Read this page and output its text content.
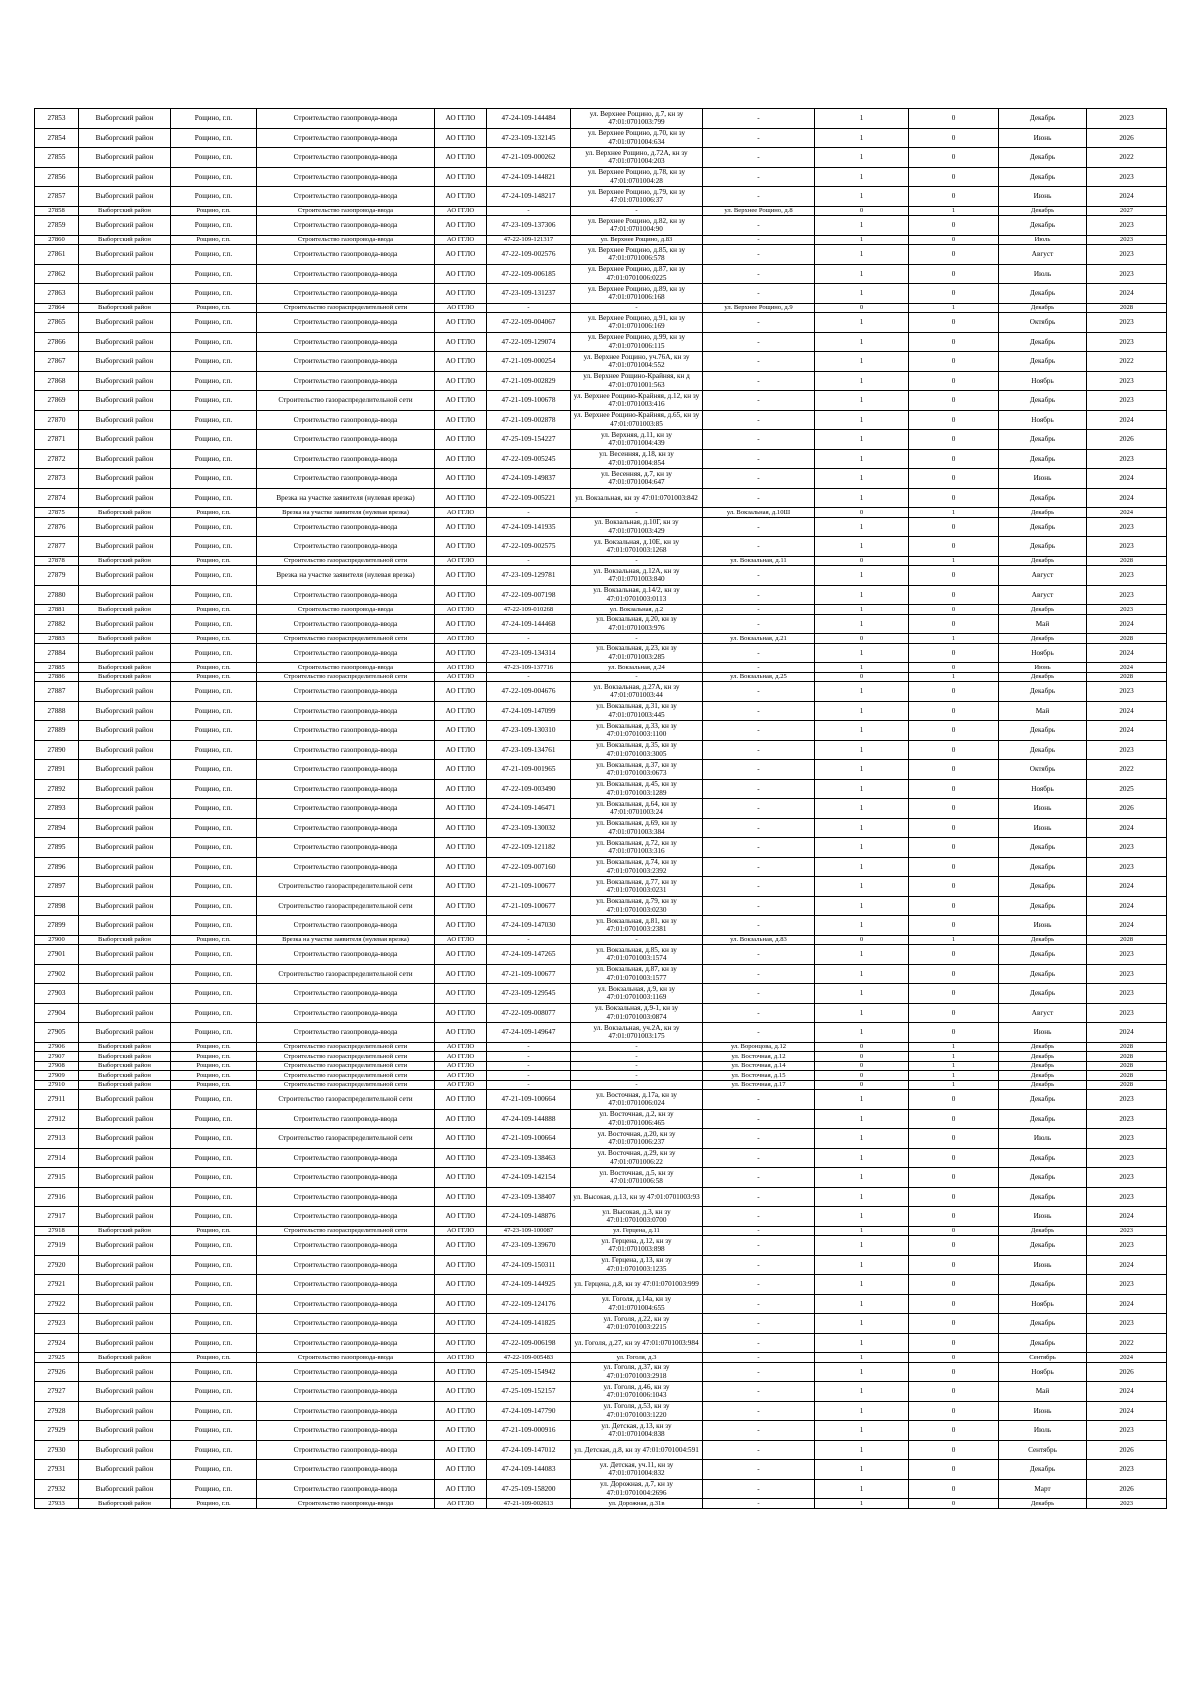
27853	Выборгский район	Рощино, г.п.	Строительство газопровода-ввода	АО ГГЛО	47-24-109-144484	ул. Верхнее Рощино, д.7, кн зу 47:01:0701003:799	-	1	0	Декабрь	2023
27854	Выборгский район	Рощино, г.п.	Строительство газопровода-ввода	АО ГГЛО	47-23-109-132145	ул. Верхнее Рощино, д.70, кн зу 47:01:0701004:634	-	1	0	Июнь	2026
27855	Выборгский район	Рощино, г.п.	Строительство газопровода-ввода	АО ГГЛО	47-21-109-000262	ул. Верхнее Рощино, д.72А, кн зу 47:01:0701004:203	-	1	0	Декабрь	2022
27856	Выборгский район	Рощино, г.п.	Строительство газопровода-ввода	АО ГГЛО	47-24-109-144821	ул. Верхнее Рощино, д.78, кн зу 47:01:0701004:28	-	1	0	Декабрь	2023
27857	Выборгский район	Рощино, г.п.	Строительство газопровода-ввода	АО ГГЛО	47-24-109-148217	ул. Верхнее Рощино, д.79, кн зу 47:01:0701006:37	-	1	0	Июнь	2024
27858	Выборгский район	Рощино, г.п.	Строительство газопровода-ввода	АО ГГЛО	-	-	ул. Верхнее Рощино, д.8	0	1	Декабрь	2027
27859	Выборгский район	Рощино, г.п.	Строительство газопровода-ввода	АО ГГЛО	47-23-109-137306	ул. Верхнее Рощино, д.82, кн зу 47:01:0701004:90	-	1	0	Декабрь	2023
27860	Выборгский район	Рощино, г.п.	Строительство газопровода-ввода	АО ГГЛО	47-22-109-121317	ул. Верхнее Рощино, д.83	-	1	0	Июль	2023
27861	Выборгский район	Рощино, г.п.	Строительство газопровода-ввода	АО ГГЛО	47-22-109-002576	ул. Верхнее Рощино, д.85, кн зу 47:01:0701006:578	-	1	0	Август	2023
27862	Выборгский район	Рощино, г.п.	Строительство газопровода-ввода	АО ГГЛО	47-22-109-006185	ул. Верхнее Рощино, д.87, кн зу 47:01:0701006:0225	-	1	0	Июль	2023
27863	Выборгский район	Рощино, г.п.	Строительство газопровода-ввода	АО ГГЛО	47-23-109-131237	ул. Верхнее Рощино, д.89, кн зу 47:01:0701006:168	-	1	0	Декабрь	2024
27864	Выборгский район	Рощино, г.п.	Строительство газораспределительной сети	АО ГГЛО	-	-	ул. Верхнее Рощино, д.9	0	1	Декабрь	2028
27865	Выборгский район	Рощино, г.п.	Строительство газопровода-ввода	АО ГГЛО	47-22-109-004067	ул. Верхнее Рощино, д.91, кн зу 47:01:0701006:169	-	1	0	Октябрь	2023
27866	Выборгский район	Рощино, г.п.	Строительство газопровода-ввода	АО ГГЛО	47-22-109-129074	ул. Верхнее Рощино, д.99, кн зу 47:01:0701006:115	-	1	0	Декабрь	2023
27867	Выборгский район	Рощино, г.п.	Строительство газопровода-ввода	АО ГГЛО	47-21-109-000254	ул. Верхнее Рощино, уч.76А, кн зу 47:01:0701004:552	-	1	0	Декабрь	2022
27868	Выборгский район	Рощино, г.п.	Строительство газопровода-ввода	АО ГГЛО	47-21-109-002829	ул. Верхнее Рощино-Крайняя, кн д 47:01:0701001:563	-	1	0	Ноябрь	2023
27869	Выборгский район	Рощино, г.п.	Строительство газораспределительной сети	АО ГГЛО	47-21-109-100678	ул. Верхнее Рощино-Крайняя, д.12, кн зу 47:01:0701003:416	-	1	0	Декабрь	2023
27870	Выборгский район	Рощино, г.п.	Строительство газопровода-ввода	АО ГГЛО	47-21-109-002878	ул. Верхнее Рощино-Крайняя, д.65, кн зу 47:01:0701003:85	-	1	0	Ноябрь	2024
27871	Выборгский район	Рощино, г.п.	Строительство газопровода-ввода	АО ГГЛО	47-25-109-154227	ул. Верхняя, д.11, кн зу 47:01:0701004:439	-	1	0	Декабрь	2026
27872	Выборгский район	Рощино, г.п.	Строительство газопровода-ввода	АО ГГЛО	47-22-109-005245	ул. Весенняя, д.18, кн зу 47:01:0701004:854	-	1	0	Декабрь	2023
27873	Выборгский район	Рощино, г.п.	Строительство газопровода-ввода	АО ГГЛО	47-24-109-149837	ул. Весенняя, д.7, кн зу 47:01:0701004:647	-	1	0	Июнь	2024
27874	Выборгский район	Рощино, г.п.	Врезка на участке заявителя (нулевая врезка)	АО ГГЛО	47-22-109-005221	ул. Вокзальная, кн зу 47:01:0701003:842	-	1	0	Декабрь	2024
27875	Выборгский район	Рощино, г.п.	Врезка на участке заявителя (нулевая врезка)	АО ГГЛО	-	-	ул. Вокзальная, д.10Ш	0	1	Декабрь	2024
27876	Выборгский район	Рощино, г.п.	Строительство газопровода-ввода	АО ГГЛО	47-24-109-141935	ул. Вокзальная, д.10Г, кн зу 47:01:0701003:429	-	1	0	Декабрь	2023
27877	Выборгский район	Рощино, г.п.	Строительство газопровода-ввода	АО ГГЛО	47-22-109-002575	ул. Вокзальная, д.10Е, кн зу 47:01:0701003:1268	-	1	0	Декабрь	2023
27878	Выборгский район	Рощино, г.п.	Строительство газораспределительной сети	АО ГГЛО	-	-	ул. Вокзальная, д.11	0	1	Декабрь	2028
27879	Выборгский район	Рощино, г.п.	Врезка на участке заявителя (нулевая врезка)	АО ГГЛО	47-23-109-129781	ул. Вокзальная, д.12А, кн зу 47:01:0701003:840	-	1	0	Август	2023
27880	Выборгский район	Рощино, г.п.	Строительство газопровода-ввода	АО ГГЛО	47-22-109-007198	ул. Вокзальная, д.14/2, кн зу 47:01:0701003:0113	-	1	0	Август	2023
27881	Выборгский район	Рощино, г.п.	Строительство газопровода-ввода	АО ГГЛО	47-22-109-010268	ул. Вокзальная, д.2	-	1	0	Декабрь	2023
27882	Выборгский район	Рощино, г.п.	Строительство газопровода-ввода	АО ГГЛО	47-24-109-144468	ул. Вокзальная, д.20, кн зу 47:01:0701003:976	-	1	0	Май	2024
27883	Выборгский район	Рощино, г.п.	Строительство газораспределительной сети	АО ГГЛО	-	-	ул. Вокзальная, д.21	0	1	Декабрь	2028
27884	Выборгский район	Рощино, г.п.	Строительство газопровода-ввода	АО ГГЛО	47-23-109-134314	ул. Вокзальная, д.23, кн зу 47:01:0701003:285	-	1	0	Ноябрь	2024
27885	Выборгский район	Рощино, г.п.	Строительство газопровода-ввода	АО ГГЛО	47-23-109-137716	ул. Вокзальная, д.24	-	1	0	Июнь	2024
27886	Выборгский район	Рощино, г.п.	Строительство газораспределительной сети	АО ГГЛО	-	-	ул. Вокзальная, д.25	0	1	Декабрь	2028
27887	Выборгский район	Рощино, г.п.	Строительство газопровода-ввода	АО ГГЛО	47-22-109-004676	ул. Вокзальная, д.27А, кн зу 47:01:0701003:44	-	1	0	Декабрь	2023
27888	Выборгский район	Рощино, г.п.	Строительство газопровода-ввода	АО ГГЛО	47-24-109-147099	ул. Вокзальная, д.31, кн зу 47:01:0701003:445	-	1	0	Май	2024
27889	Выборгский район	Рощино, г.п.	Строительство газопровода-ввода	АО ГГЛО	47-23-109-130310	ул. Вокзальная, д.33, кн зу 47:01:0701003:1100	-	1	0	Декабрь	2024
27890	Выборгский район	Рощино, г.п.	Строительство газопровода-ввода	АО ГГЛО	47-23-109-134761	ул. Вокзальная, д.35, кн зу 47:01:0701003:3005	-	1	0	Декабрь	2023
27891	Выборгский район	Рощино, г.п.	Строительство газопровода-ввода	АО ГГЛО	47-21-109-001965	ул. Вокзальная, д.37, кн зу 47:01:0701003:0673	-	1	0	Октябрь	2022
27892	Выборгский район	Рощино, г.п.	Строительство газопровода-ввода	АО ГГЛО	47-22-109-003490	ул. Вокзальная, д.45, кн зу 47:01:0701003:1289	-	1	0	Ноябрь	2025
27893	Выборгский район	Рощино, г.п.	Строительство газопровода-ввода	АО ГГЛО	47-24-109-146471	ул. Вокзальная, д.64, кн зу 47:01:0701003:24	-	1	0	Июнь	2026
27894	Выборгский район	Рощино, г.п.	Строительство газопровода-ввода	АО ГГЛО	47-23-109-130032	ул. Вокзальная, д.69, кн зу 47:01:0701003:384	-	1	0	Июнь	2024
27895	Выборгский район	Рощино, г.п.	Строительство газопровода-ввода	АО ГГЛО	47-22-109-121182	ул. Вокзальная, д.72, кн зу 47:01:0701003:316	-	1	0	Декабрь	2023
27896	Выборгский район	Рощино, г.п.	Строительство газопровода-ввода	АО ГГЛО	47-22-109-007160	ул. Вокзальная, д.74, кн зу 47:01:0701003:2392	-	1	0	Декабрь	2023
27897	Выборгский район	Рощино, г.п.	Строительство газораспределительной сети	АО ГГЛО	47-21-109-100677	ул. Вокзальная, д.77, кн зу 47:01:0701003:0231	-	1	0	Декабрь	2024
27898	Выборгский район	Рощино, г.п.	Строительство газораспределительной сети	АО ГГЛО	47-21-109-100677	ул. Вокзальная, д.79, кн зу 47:01:0701003:0230	-	1	0	Декабрь	2024
27899	Выборгский район	Рощино, г.п.	Строительство газопровода-ввода	АО ГГЛО	47-24-109-147030	ул. Вокзальная, д.81, кн зу 47:01:0701003:2381	-	1	0	Июнь	2024
27900	Выборгский район	Рощино, г.п.	Врезка на участке заявителя (нулевая врезка)	АО ГГЛО	-	-	ул. Вокзальная, д.83	0	1	Декабрь	2028
27901	Выборгский район	Рощино, г.п.	Строительство газопровода-ввода	АО ГГЛО	47-24-109-147265	ул. Вокзальная, д.85, кн зу 47:01:0701003:1574	-	1	0	Декабрь	2023
27902	Выборгский район	Рощино, г.п.	Строительство газораспределительной сети	АО ГГЛО	47-21-109-100677	ул. Вокзальная, д.87, кн зу 47:01:0701003:1577	-	1	0	Декабрь	2023
27903	Выборгский район	Рощино, г.п.	Строительство газопровода-ввода	АО ГГЛО	47-23-109-129545	ул. Вокзальная, д.9, кн зу 47:01:0701003:1169	-	1	0	Декабрь	2023
27904	Выборгский район	Рощино, г.п.	Строительство газопровода-ввода	АО ГГЛО	47-22-109-008077	ул. Вокзальная, д.9-1, кн зу 47:01:0701003:0874	-	1	0	Август	2023
27905	Выборгский район	Рощино, г.п.	Строительство газопровода-ввода	АО ГГЛО	47-24-109-149647	ул. Вокзальная, уч.2А, кн зу 47:01:0701003:175	-	1	0	Июнь	2024
27906	Выборгский район	Рощино, г.п.	Строительство газораспределительной сети	АО ГГЛО	-	-	ул. Воронцова, д.12	0	1	Декабрь	2028
27907	Выборгский район	Рощино, г.п.	Строительство газораспределительной сети	АО ГГЛО	-	-	ул. Восточная, д.12	0	1	Декабрь	2028
27908	Выборгский район	Рощино, г.п.	Строительство газораспределительной сети	АО ГГЛО	-	-	ул. Восточная, д.14	0	1	Декабрь	2028
27909	Выборгский район	Рощино, г.п.	Строительство газораспределительной сети	АО ГГЛО	-	-	ул. Восточная, д.15	0	1	Декабрь	2028
27910	Выборгский район	Рощино, г.п.	Строительство газораспределительной сети	АО ГГЛО	-	-	ул. Восточная, д.17	0	1	Декабрь	2028
27911	Выборгский район	Рощино, г.п.	Строительство газораспределительной сети	АО ГГЛО	47-21-109-100664	ул. Восточная, д.17а, кн зу 47:01:0701006:024	-	1	0	Декабрь	2023
27912	Выборгский район	Рощино, г.п.	Строительство газопровода-ввода	АО ГГЛО	47-24-109-144888	ул. Восточная, д.2, кн зу 47:01:0701006:465	-	1	0	Декабрь	2023
27913	Выборгский район	Рощино, г.п.	Строительство газораспределительной сети	АО ГГЛО	47-21-109-100664	ул. Восточная, д.20, кн зу 47:01:0701006:237	-	1	0	Июль	2023
27914	Выборгский район	Рощино, г.п.	Строительство газопровода-ввода	АО ГГЛО	47-23-109-138463	ул. Восточная, д.29, кн зу 47:01:0701006:22	-	1	0	Декабрь	2023
27915	Выборгский район	Рощино, г.п.	Строительство газопровода-ввода	АО ГГЛО	47-24-109-142154	ул. Восточная, д.5, кн зу 47:01:0701006:58	-	1	0	Декабрь	2023
27916	Выборгский район	Рощино, г.п.	Строительство газопровода-ввода	АО ГГЛО	47-23-109-138407	ул. Высокая, д.13, кн зу 47:01:0701003:93	-	1	0	Декабрь	2023
27917	Выборгский район	Рощино, г.п.	Строительство газопровода-ввода	АО ГГЛО	47-24-109-148876	ул. Высокая, д.3, кн зу 47:01:0701003:0700	-	1	0	Июнь	2024
27918	Выборгский район	Рощино, г.п.	Строительство газораспределительной сети	АО ГГЛО	47-23-109-100087	ул. Герцена, д.11	-	1	0	Декабрь	2023
27919	Выборгский район	Рощино, г.п.	Строительство газопровода-ввода	АО ГГЛО	47-23-109-139670	ул. Герцена, д.12, кн зу 47:01:0701003:898	-	1	0	Декабрь	2023
27920	Выборгский район	Рощино, г.п.	Строительство газопровода-ввода	АО ГГЛО	47-24-109-150311	ул. Герцена, д.13, кн зу 47:01:0701003:1235	-	1	0	Июнь	2024
27921	Выборгский район	Рощино, г.п.	Строительство газопровода-ввода	АО ГГЛО	47-24-109-144925	ул. Герцена, д.8, кн зу 47:01:0701003:999	-	1	0	Декабрь	2023
27922	Выборгский район	Рощино, г.п.	Строительство газопровода-ввода	АО ГГЛО	47-22-109-124176	ул. Гоголя, д.14а, кн зу 47:01:0701004:655	-	1	0	Ноябрь	2024
27923	Выборгский район	Рощино, г.п.	Строительство газопровода-ввода	АО ГГЛО	47-24-109-141825	ул. Гоголя, д.22, кн зу 47:01:0701003:2215	-	1	0	Декабрь	2023
27924	Выборгский район	Рощино, г.п.	Строительство газопровода-ввода	АО ГГЛО	47-22-109-006198	ул. Гоголя, д.27, кн зу 47:01:0701003:984	-	1	0	Декабрь	2022
27925	Выборгский район	Рощино, г.п.	Строительство газопровода-ввода	АО ГГЛО	47-22-109-005483	ул. Гоголя, д.3	-	1	0	Сентябрь	2024
27926	Выборгский район	Рощино, г.п.	Строительство газопровода-ввода	АО ГГЛО	47-25-109-154942	ул. Гоголя, д.37, кн зу 47:01:0701003:2918	-	1	0	Ноябрь	2026
27927	Выборгский район	Рощино, г.п.	Строительство газопровода-ввода	АО ГГЛО	47-25-109-152157	ул. Гоголя, д.46, кн зу 47:01:0701006:1043	-	1	0	Май	2024
27928	Выборгский район	Рощино, г.п.	Строительство газопровода-ввода	АО ГГЛО	47-24-109-147790	ул. Гоголя, д.53, кн зу 47:01:0701003:1220	-	1	0	Июнь	2024
27929	Выборгский район	Рощино, г.п.	Строительство газопровода-ввода	АО ГГЛО	47-21-109-000916	ул. Детская, д.13, кн зу 47:01:0701004:838	-	1	0	Июль	2023
27930	Выборгский район	Рощино, г.п.	Строительство газопровода-ввода	АО ГГЛО	47-24-109-147012	ул. Детская, д.8, кн зу 47:01:0701004:591	-	1	0	Сентябрь	2026
27931	Выборгский район	Рощино, г.п.	Строительство газопровода-ввода	АО ГГЛО	47-24-109-144083	ул. Детская, уч.11, кн зу 47:01:0701004:832	-	1	0	Декабрь	2023
27932	Выборгский район	Рощино, г.п.	Строительство газопровода-ввода	АО ГГЛО	47-25-109-158200	ул. Дорожная, д.7, кн зу 47:01:0701004:2696	-	1	0	Март	2026
27933	Выборгский район	Рощино, г.п.	Строительство газопровода-ввода	АО ГГЛО	47-21-109-002613	ул. Дорожная, д.31в	-	1	0	Декабрь	2023
